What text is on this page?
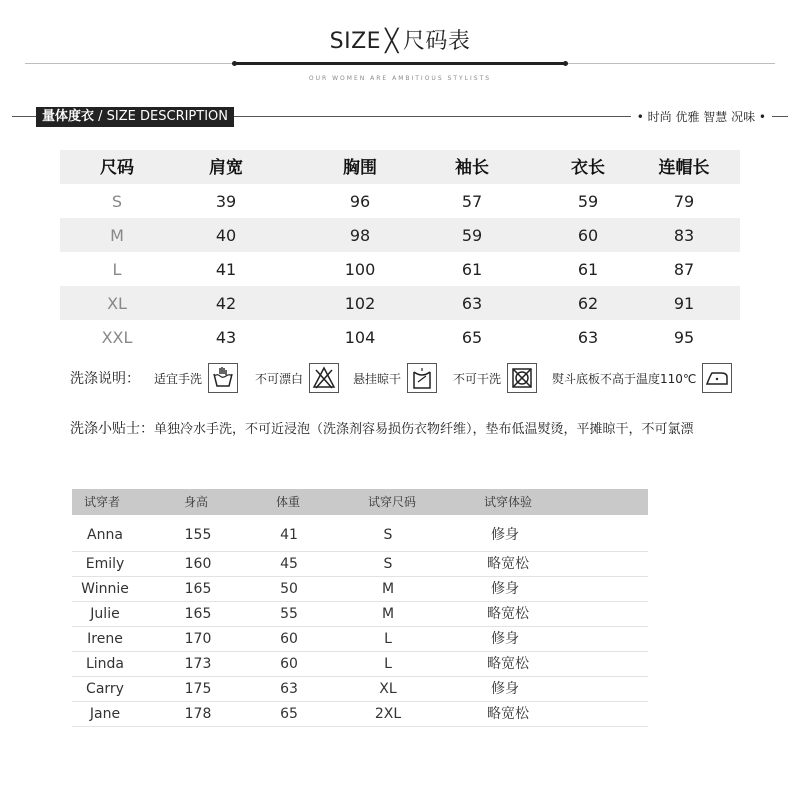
SIZE ╳ 尺码表
OUR WOMEN ARE AMBITIOUS STYLISTS
量体度衣 / SIZE DESCRIPTION	• 时尚 优雅 智慧 况味 •
尺码	肩宽	胸围	袖长	衣长	连帽长
S	39	96	57	59	79
M	40	98	59	60	83
L	41	100	61	61	87
XL	42	102	63	62	91
XXL	43	104	65	63	95
洗涤说明： 适宜手洗	不可漂白	悬挂晾干	不可干洗	熨斗底板不高于温度110℃
洗涤小贴士：单独冷水手洗，不可近浸泡（洗涤剂容易损伤衣物纤维），垫布低温熨烫，平摊晾干，不可氯漂
试穿者	身高	体重	试穿尺码	试穿体验
Anna	155	41	S	修身
Emily	160	45	S	略宽松
Winnie	165	50	M	修身
Julie	165	55	M	略宽松
Irene	170	60	L	修身
Linda	173	60	L	略宽松
Carry	175	63	XL	修身
Jane	178	65	2XL	略宽松
